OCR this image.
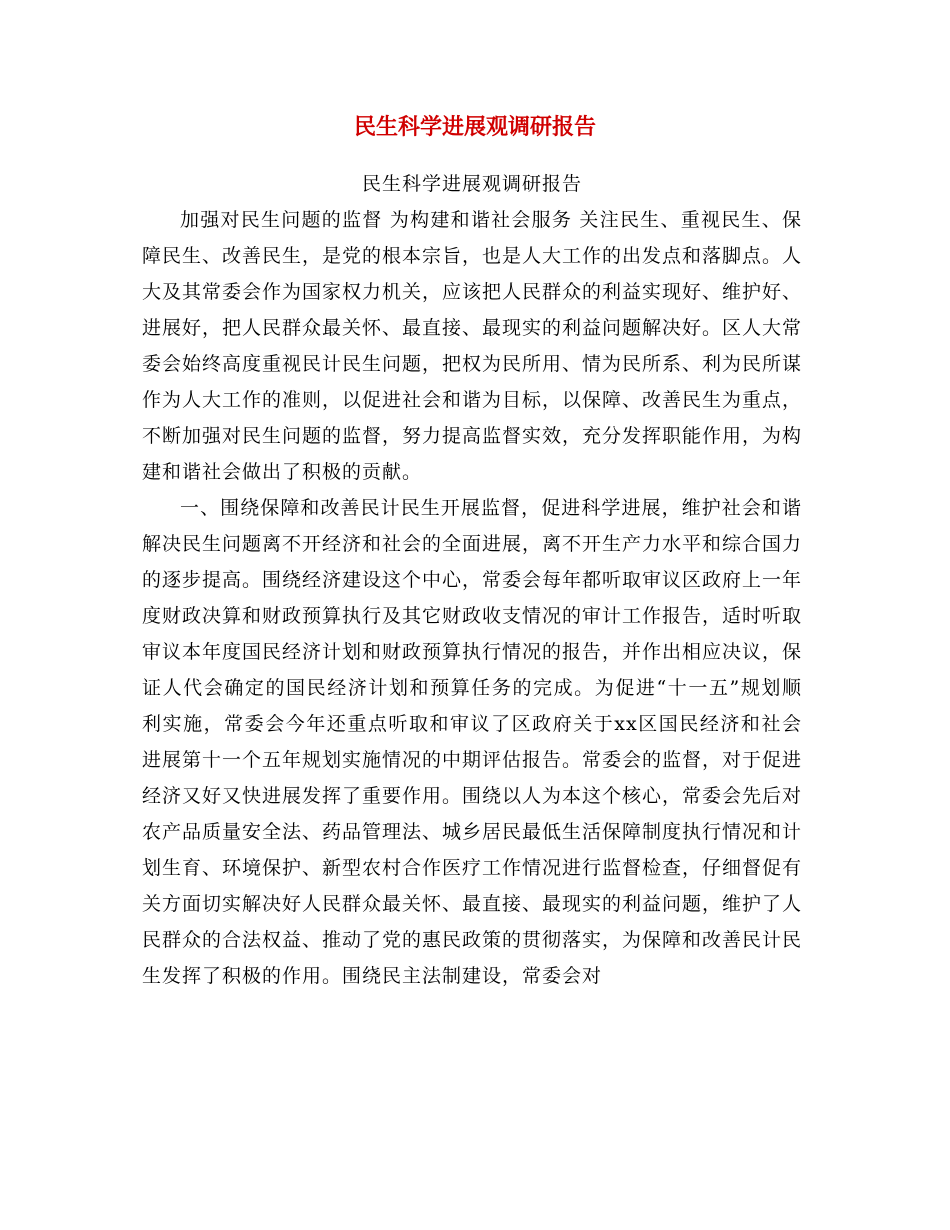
民生科学进展观调研报告

民生科学进展观调研报告

加强对民生问题的监督 为构建和谐社会服务 关注民生、重视民生、保障民生、改善民生，是党的根本宗旨，也是人大工作的出发点和落脚点。人大及其常委会作为国家权力机关，应该把人民群众的利益实现好、维护好、进展好，把人民群众最关怀、最直接、最现实的利益问题解决好。区人大常委会始终高度重视民计民生问题，把权为民所用、情为民所系、利为民所谋作为人大工作的准则，以促进社会和谐为目标，以保障、改善民生为重点，不断加强对民生问题的监督，努力提高监督实效，充分发挥职能作用，为构建和谐社会做出了积极的贡献。

一、围绕保障和改善民计民生开展监督，促进科学进展，维护社会和谐解决民生问题离不开经济和社会的全面进展，离不开生产力水平和综合国力的逐步提高。围绕经济建设这个中心，常委会每年都听取审议区政府上一年度财政决算和财政预算执行及其它财政收支情况的审计工作报告，适时听取审议本年度国民经济计划和财政预算执行情况的报告，并作出相应决议，保证人代会确定的国民经济计划和预算任务的完成。为促进“十一五”规划顺利实施，常委会今年还重点听取和审议了区政府关于xx区国民经济和社会进展第十一个五年规划实施情况的中期评估报告。常委会的监督，对于促进经济又好又快进展发挥了重要作用。围绕以人为本这个核心，常委会先后对农产品质量安全法、药品管理法、城乡居民最低生活保障制度执行情况和计划生育、环境保护、新型农村合作医疗工作情况进行监督检查，仔细督促有关方面切实解决好人民群众最关怀、最直接、最现实的利益问题，维护了人民群众的合法权益、推动了党的惠民政策的贯彻落实，为保障和改善民计民生发挥了积极的作用。围绕民主法制建设，常委会对
